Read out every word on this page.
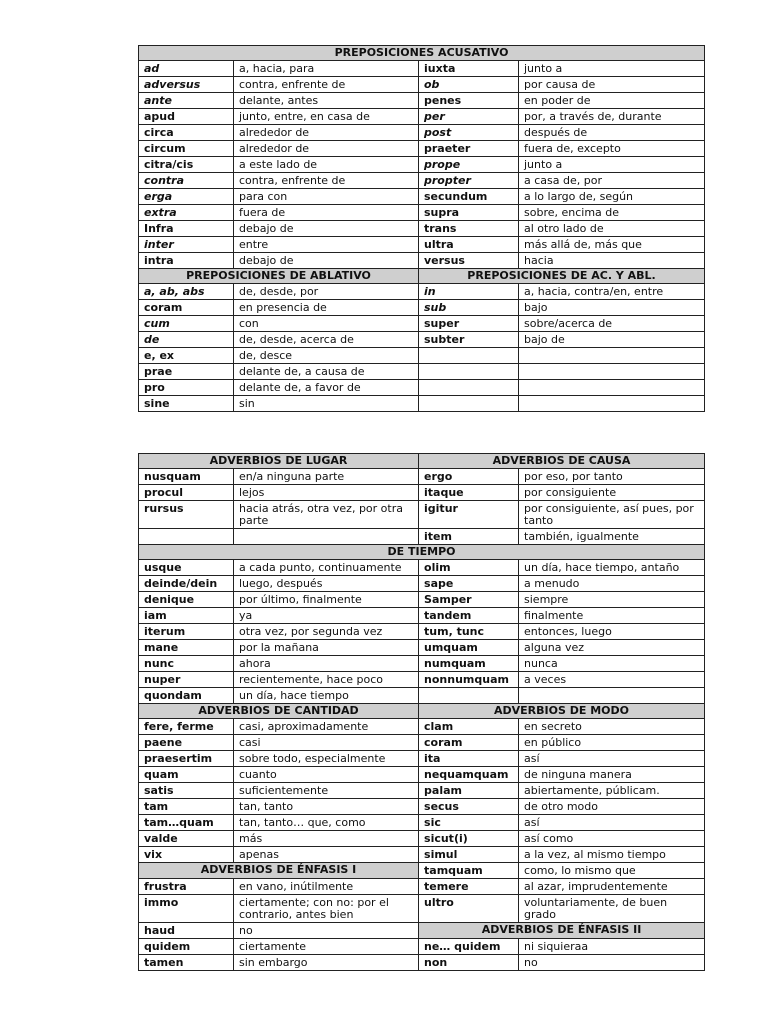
PREPOSICIONES ACUSATIVO			
ad	a, hacia, para	iuxta	junto a
adversus	contra, enfrente de	ob	por causa de
ante	delante, antes	penes	en poder de
apud	junto, entre, en casa de	per	por, a través de, durante
circa	alrededor de	post	después de
circum	alrededor de	praeter	fuera de, excepto
citra/cis	a este lado de	prope	junto a
contra	contra, enfrente de	propter	a casa de, por
erga	para con	secundum	a lo largo de, según
extra	fuera de	supra	sobre, encima de
Infra	debajo de	trans	al otro lado de
inter	entre	ultra	más allá de, más que
intra	debajo de	versus	hacia
PREPOSICIONES DE ABLATIVO		PREPOSICIONES DE AC. Y ABL.	
a, ab, abs	de, desde, por	in	a, hacia, contra/en, entre
coram	en presencia de	sub	bajo
cum	con	super	sobre/acerca de
de	de, desde, acerca de	subter	bajo de
e, ex	de, desce		
prae	delante de, a causa de		
pro	delante de, a favor de		
sine	sin		
ADVERBIOS DE LUGAR		ADVERBIOS DE CAUSA	
nusquam	en/a ninguna parte	ergo	por eso, por tanto
procul	lejos	itaque	por consiguiente
rursus	hacia atrás, otra vez, por otra parte	igitur	por consiguiente, así pues, por tanto
		item	también, igualmente
DE TIEMPO			
usque	a cada punto, continuamente	olim	un día, hace tiempo, antaño
deinde/dein	luego, después	sape	a menudo
denique	por último, finalmente	Samper	siempre
iam	ya	tandem	finalmente
iterum	otra vez, por segunda vez	tum, tunc	entonces, luego
mane	por la mañana	umquam	alguna vez
nunc	ahora	numquam	nunca
nuper	recientemente, hace poco	nonnumquam	a veces
quondam	un día, hace tiempo		
ADVERBIOS DE CANTIDAD		ADVERBIOS DE MODO	
fere, ferme	casi, aproximadamente	clam	en secreto
paene	casi	coram	en público
praesertim	sobre todo, especialmente	ita	así
quam	cuanto	nequamquam	de ninguna manera
satis	suficientemente	palam	abiertamente, públicam.
tam	tan, tanto	secus	de otro modo
tam…quam	tan, tanto… que, como	sic	así
valde	más	sicut(i)	así como
vix	apenas	simul	a la vez, al mismo tiempo
ADVERBIOS DE ÉNFASIS I		tamquam	como, lo mismo que
frustra	en vano, inútilmente	temere	al azar, imprudentemente
immo	ciertamente; con no: por el contrario, antes bien	ultro	voluntariamente, de buen grado
haud	no	ADVERBIOS DE ÉNFASIS II	
quidem	ciertamente	ne… quidem	ni siquieraa
tamen	sin embargo	non	no
